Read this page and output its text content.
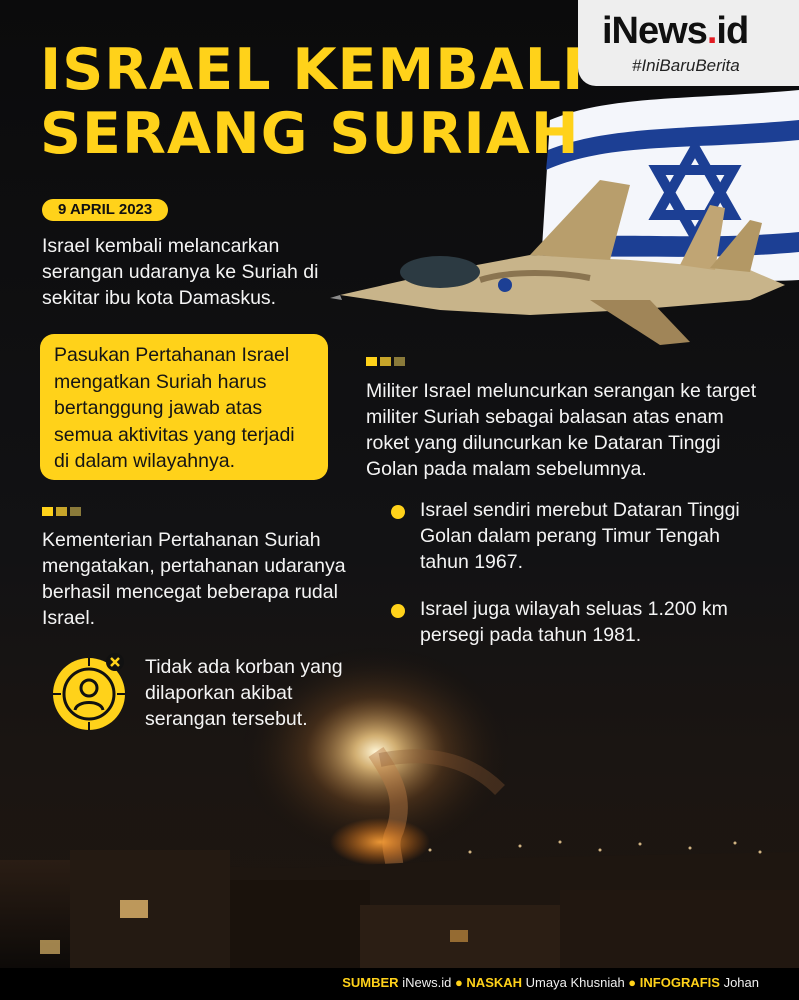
iNews.id
#IniBaruBerita
ISRAEL KEMBALI
SERANG SURIAH
9 APRIL 2023

Israel kembali melancarkan serangan udaranya ke Suriah di sekitar ibu kota Damaskus.

Pasukan Pertahanan Israel mengatkan Suriah harus bertanggung jawab atas semua aktivitas yang terjadi di dalam wilayahnya.

Kementerian Pertahanan Suriah mengatakan, pertahanan udaranya berhasil mencegat beberapa rudal Israel.

Tidak ada korban yang dilaporkan akibat serangan tersebut.

Militer Israel meluncurkan serangan ke target militer Suriah sebagai balasan atas enam roket yang diluncurkan ke Dataran Tinggi Golan pada malam sebelumnya.

Israel sendiri merebut Dataran Tinggi Golan dalam perang Timur Tengah tahun 1967.

Israel juga wilayah seluas 1.200 km persegi pada tahun 1981.

SUMBER iNews.id ● NASKAH Umaya Khusniah ● INFOGRAFIS Johan
